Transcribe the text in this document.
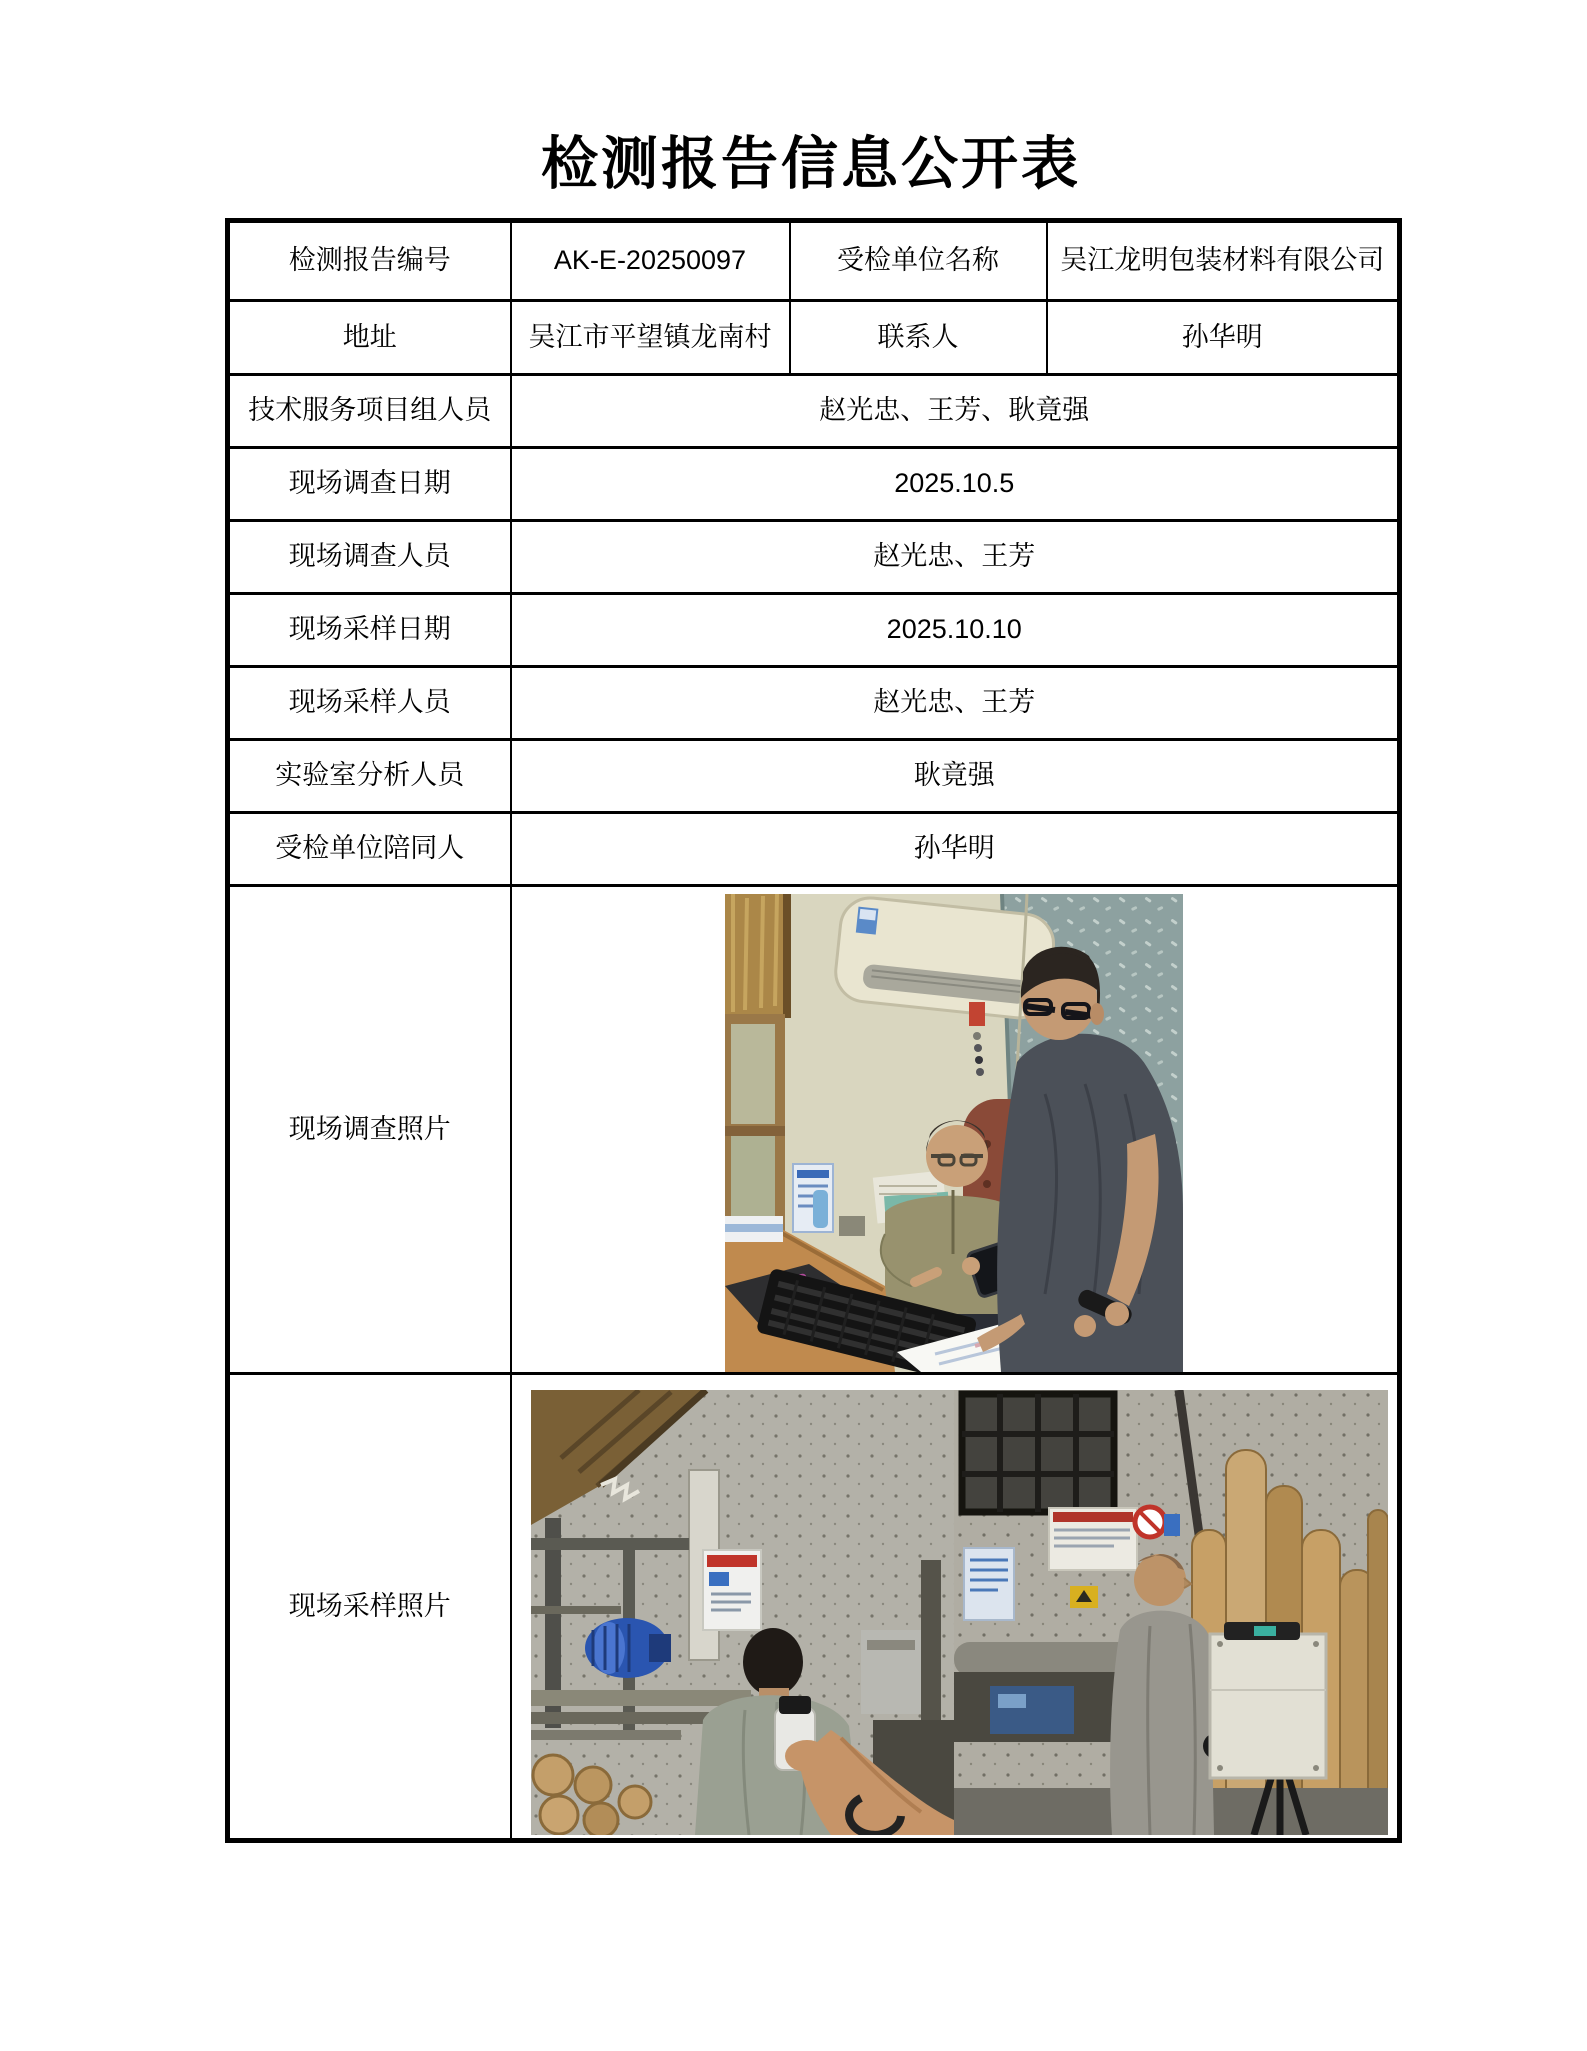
检测报告信息公开表
检测报告编号	AK-E-20250097	受检单位名称	吴江龙明包装材料有限公司
地址	吴江市平望镇龙南村	联系人	孙华明
技术服务项目组人员	赵光忠、王芳、耿竟强		
现场调查日期	2025.10.5		
现场调查人员	赵光忠、王芳		
现场采样日期	2025.10.10		
现场采样人员	赵光忠、王芳		
实验室分析人员	耿竟强		
受检单位陪同人	孙华明		
现场调查照片	

现场采样照片	
